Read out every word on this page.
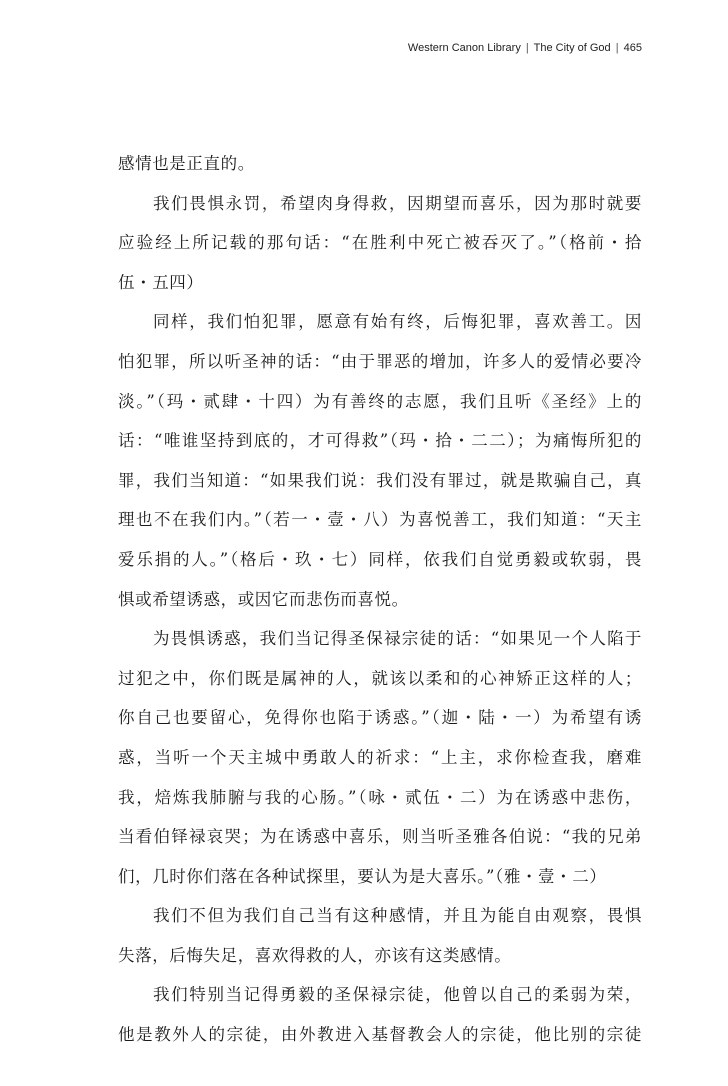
Western Canon Library | The City of God | 465
感情也是正直的。
我们畏惧永罚，希望肉身得救，因期望而喜乐，因为那时就要
应验经上所记载的那句话：“在胜利中死亡被吞灭了。”（格前・拾
伍・五四）
同样，我们怕犯罪，愿意有始有终，后悔犯罪，喜欢善工。因
怕犯罪，所以听圣神的话：“由于罪恶的增加，许多人的爱情必要冷
淡。”（玛・贰肆・十四）为有善终的志愿，我们且听《圣经》上的
话：“唯谁坚持到底的，才可得救”（玛・拾・二二）；为痛悔所犯的
罪，我们当知道：“如果我们说：我们没有罪过，就是欺骗自己，真
理也不在我们内。”（若一・壹・八）为喜悦善工，我们知道：“天主
爱乐捐的人。”（格后・玖・七）同样，依我们自觉勇毅或软弱，畏
惧或希望诱惑，或因它而悲伤而喜悦。
为畏惧诱惑，我们当记得圣保禄宗徒的话：“如果见一个人陷于
过犯之中，你们既是属神的人，就该以柔和的心神矫正这样的人；
你自己也要留心，免得你也陷于诱惑。”（迦・陆・一）为希望有诱
惑，当听一个天主城中勇敢人的祈求：“上主，求你检查我，磨难
我，焙炼我肺腑与我的心肠。”（咏・贰伍・二）为在诱惑中悲伤，
当看伯铎禄哀哭；为在诱惑中喜乐，则当听圣雅各伯说：“我的兄弟
们，几时你们落在各种试探里，要认为是大喜乐。”（雅・壹・二）
我们不但为我们自己当有这种感情，并且为能自由观察，畏惧
失落，后悔失足，喜欢得救的人，亦该有这类感情。
我们特别当记得勇毅的圣保禄宗徒，他曾以自己的柔弱为荣，
他是教外人的宗徒，由外教进入基督教会人的宗徒，他比别的宗徒
